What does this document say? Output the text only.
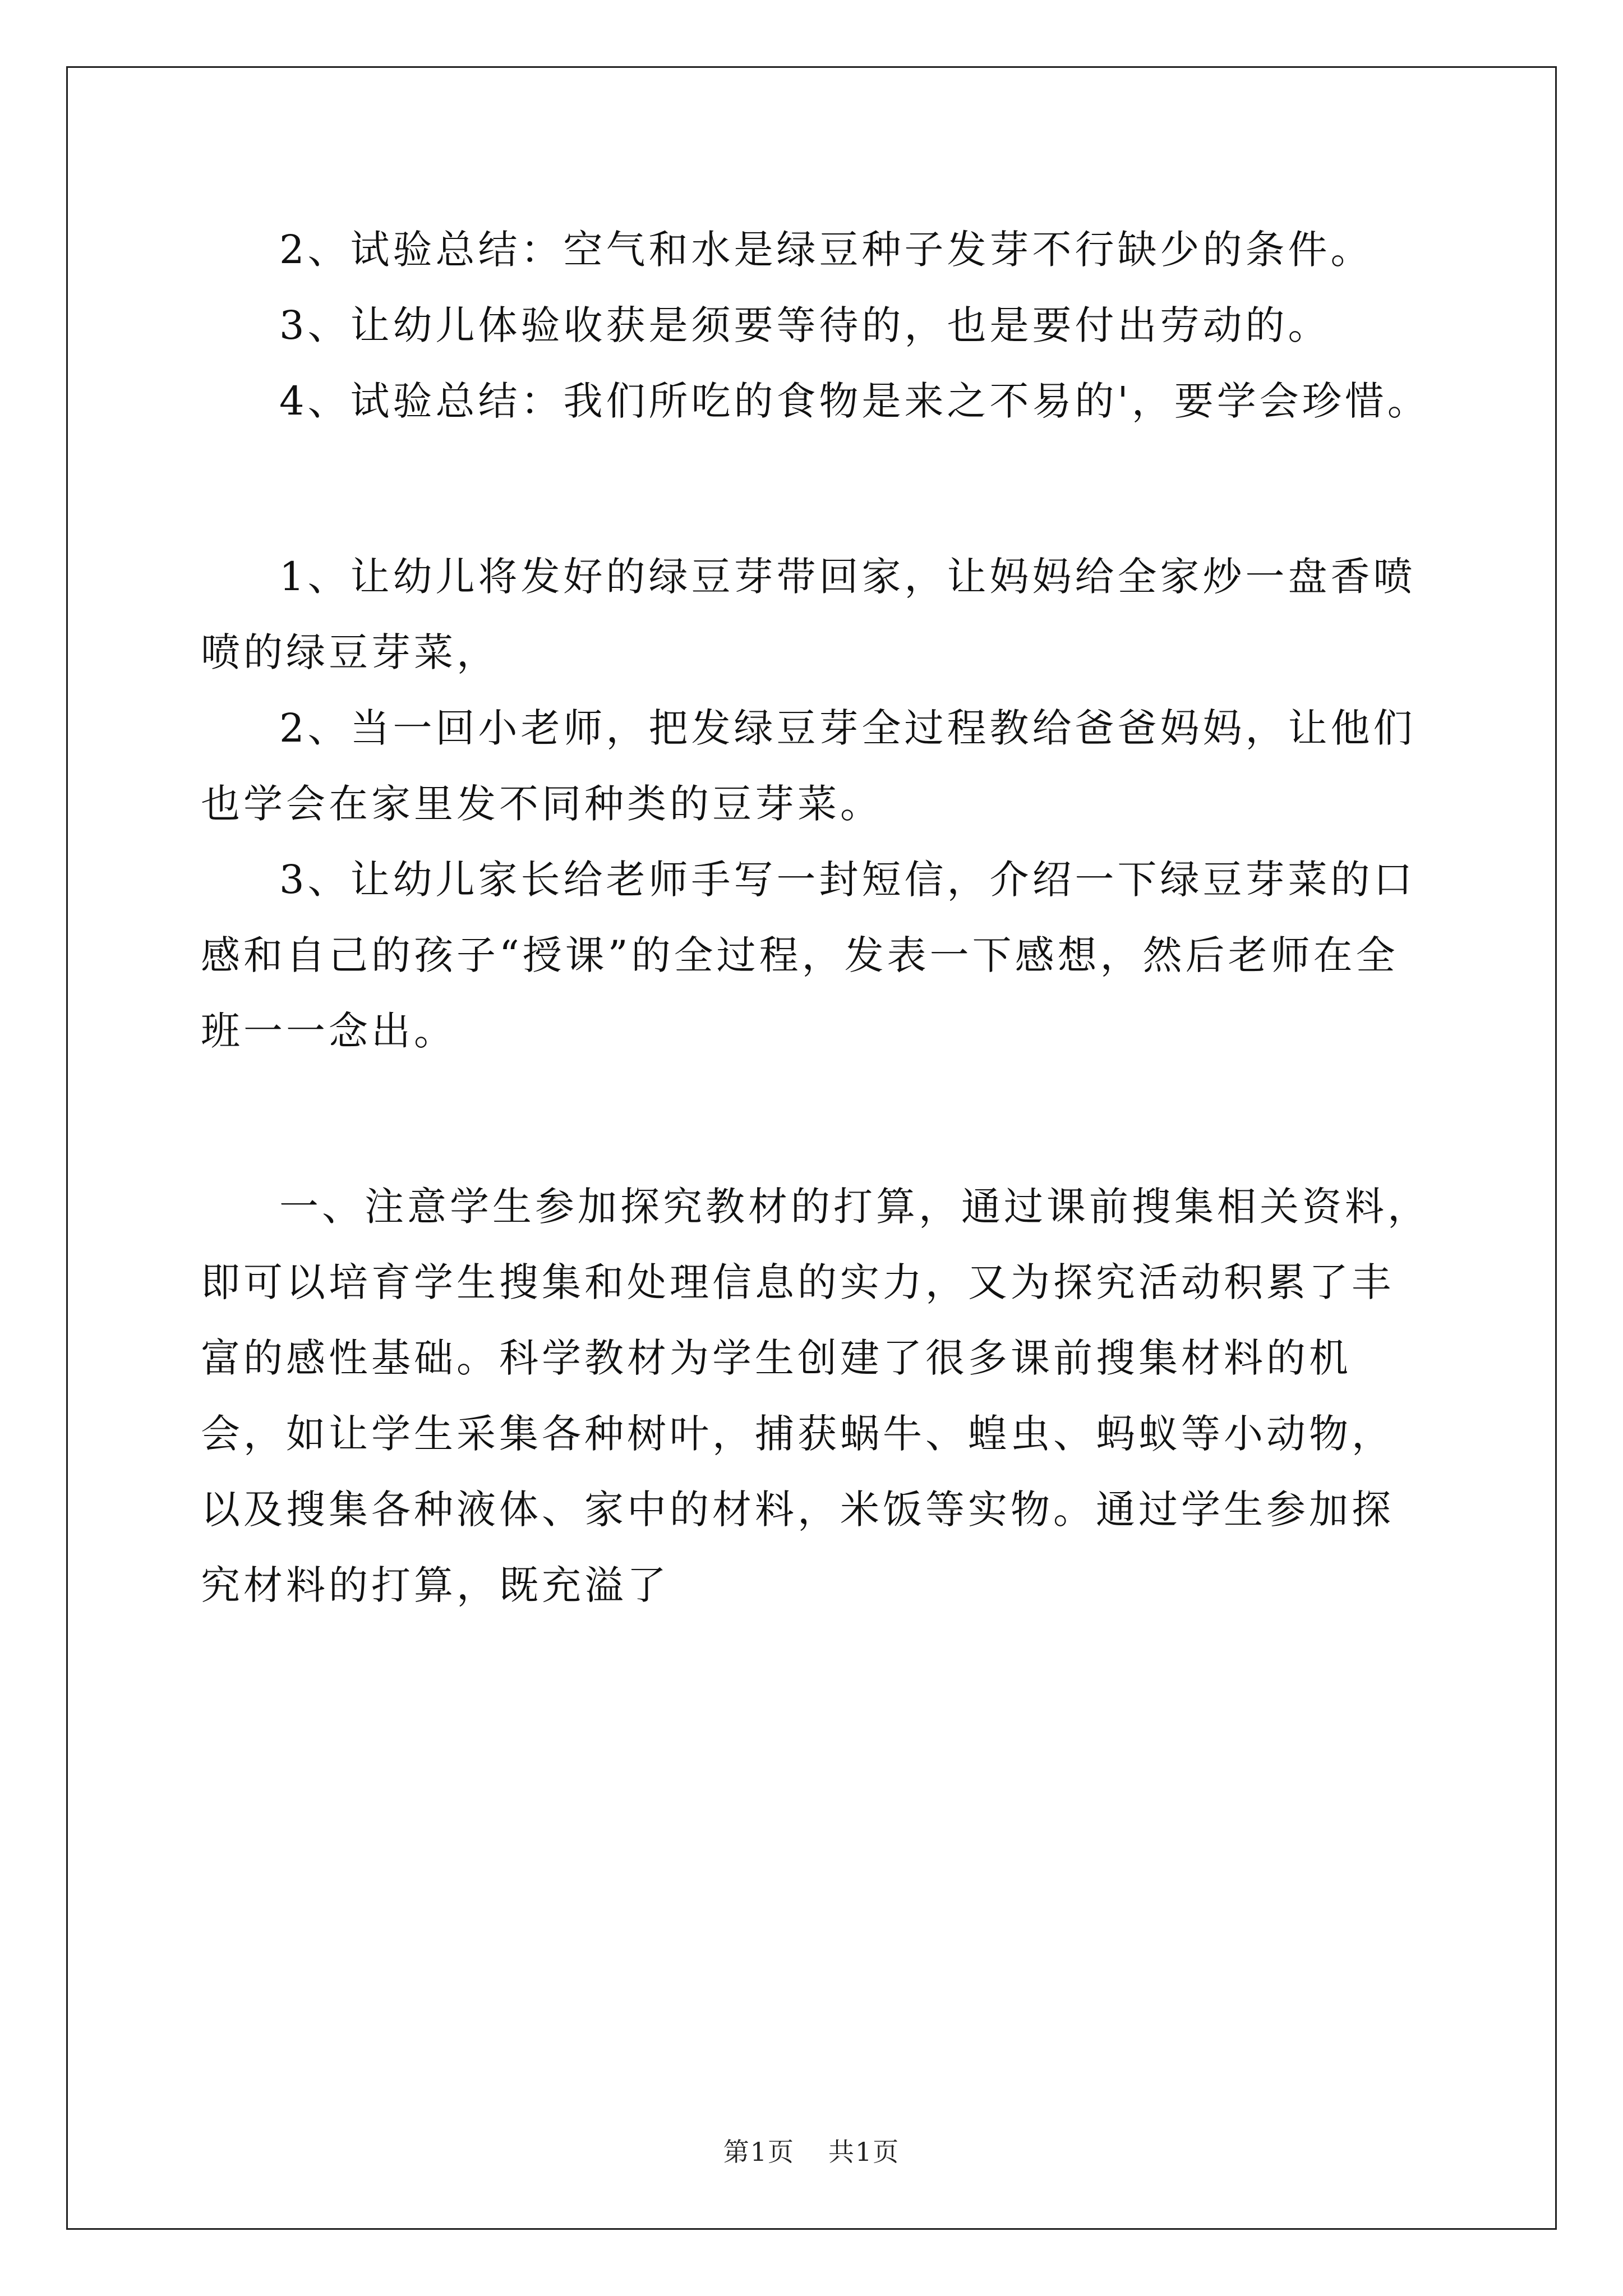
2、试验总结：空气和水是绿豆种子发芽不行缺少的条件。

3、让幼儿体验收获是须要等待的，也是要付出劳动的。

4、试验总结：我们所吃的食物是来之不易的'，要学会珍惜。

1、让幼儿将发好的绿豆芽带回家，让妈妈给全家炒一盘香喷喷的绿豆芽菜，

2、当一回小老师，把发绿豆芽全过程教给爸爸妈妈，让他们也学会在家里发不同种类的豆芽菜。

3、让幼儿家长给老师手写一封短信，介绍一下绿豆芽菜的口感和自己的孩子“授课”的全过程，发表一下感想，然后老师在全班一一念出。

一、注意学生参加探究教材的打算，通过课前搜集相关资料，即可以培育学生搜集和处理信息的实力，又为探究活动积累了丰富的感性基础。科学教材为学生创建了很多课前搜集材料的机会，如让学生采集各种树叶，捕获蜗牛、蝗虫、蚂蚁等小动物，以及搜集各种液体、家中的材料，米饭等实物。通过学生参加探究材料的打算，既充溢了

第1页 共1页
